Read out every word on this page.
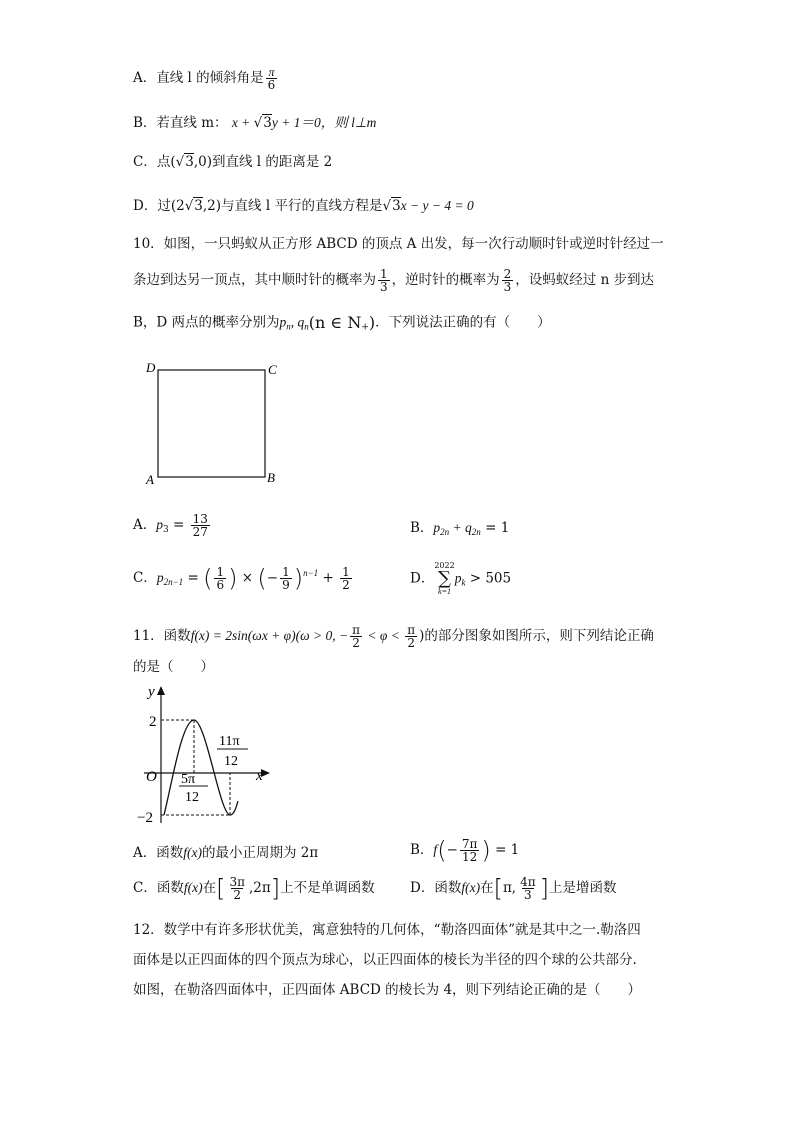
A．直线 l 的倾斜角是 $\frac{\pi}{6}$
B．若直线 m： x + √3y + 1＝0，则 l⊥m
C．点(√3,0)到直线 l 的距离是 2
D．过(2√3,2)与直线 l 平行的直线方程是√3x − y − 4 = 0
10．如图，一只蚂蚁从正方形 ABCD 的顶点 A 出发，每一次行动顺时针或逆时针经过一
条边到达另一顶点，其中顺时针的概率为 $\frac{1}{3}$ ，逆时针的概率为 $\frac{2}{3}$ ，设蚂蚁经过 n 步到达
B，D 两点的概率分别为$p_n$, $q_n(n$ ∈ $N_+$)．下列说法正确的有（　　）
D	C
A	B
A．$p_3 = \frac{13}{27}$	B．$p_{2n} + q_{2n} = 1$
C．$p_{2n-1}$ = ( $\frac{1}{6}$ ) × (− $\frac{1}{9} )^{n-1} + \frac{1}{2}$	D．
2022
∑
k=1
$p_k > 505$
11．函数f(x) = 2sin(ωx + φ)(ω > 0, − $\frac{\pi}{2} < \varphi < \frac{\pi}{2}$ )的部分图象如图所示，则下列结论正确
的是（　　）
y
x
O
2
−2
5π
12
11π
12
A．函数f(x)的最小正周期为 2π	B．$f(- \frac{7\pi}{12}$ ) = 1
C．函数f(x)在[ $\frac{3\pi}{2} ,2\pi$]上不是单调函数	D．函数f(x)在[π, $\frac{4\pi}{3}$ ]上是增函数
12．数学中有许多形状优美，寓意独特的几何体，“勒洛四面体”就是其中之一.勒洛四
面体是以正四面体的四个顶点为球心，以正四面体的棱长为半径的四个球的公共部分.
如图，在勒洛四面体中，正四面体 ABCD 的棱长为 4，则下列结论正确的是（　　）
